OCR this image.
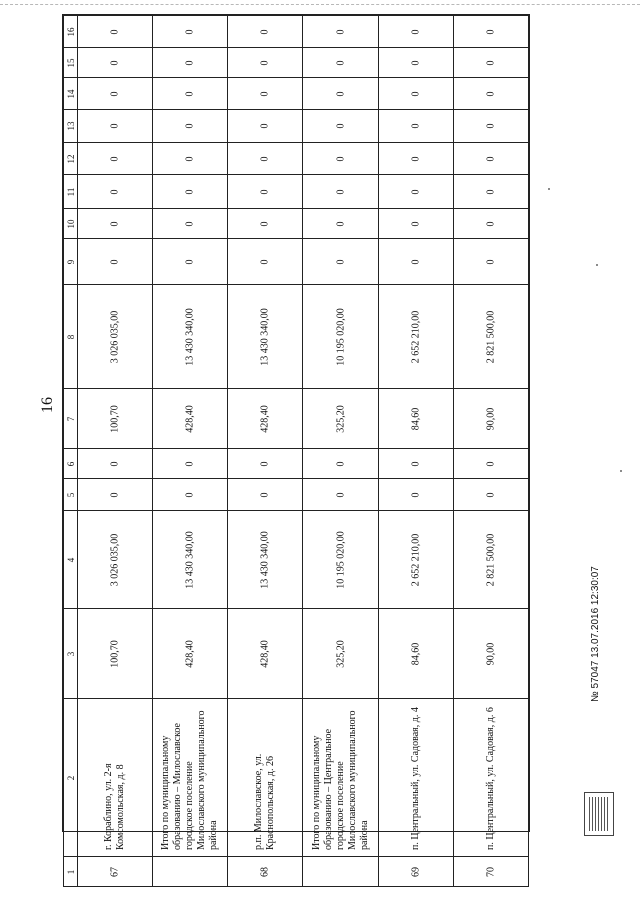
16
16	0	0	0	0	0	0

15	0	0	0	0	0	0

14	0	0	0	0	0	0

13	0	0	0	0	0	0

12	0	0	0	0	0	0

11	0	0	0	0	0	0

10	0	0	0	0	0	0

9	0	0	0	0	0	0

8	3 026 035,00	13 430 340,00	13 430 340,00	10 195 020,00	2 652 210,00	2 821 500,00

7	100,70	428,40	428,40	325,20	84,60	90,00

6	0	0	0	0	0	0

5	0	0	0	0	0	0

4	3 026 035,00	13 430 340,00	13 430 340,00	10 195 020,00	2 652 210,00	2 821 500,00

3	100,70	428,40	428,40	325,20	84,60	90,00

2	г. Кораблино, ул. 2-я Комсомольская, д. 8	Итого по муниципальному образованию – Милославское городское поселение Милославского муниципального района	р.п. Милославское, ул. Краснопольская, д. 26	Итого по муниципальному образованию – Центральное городское поселение Милославского муниципального района	п. Центральный, ул. Садовая, д. 4	п. Центральный, ул. Садовая, д. 6

1	67		68		69	70
№ 57047 13.07.2016 12:30:07
